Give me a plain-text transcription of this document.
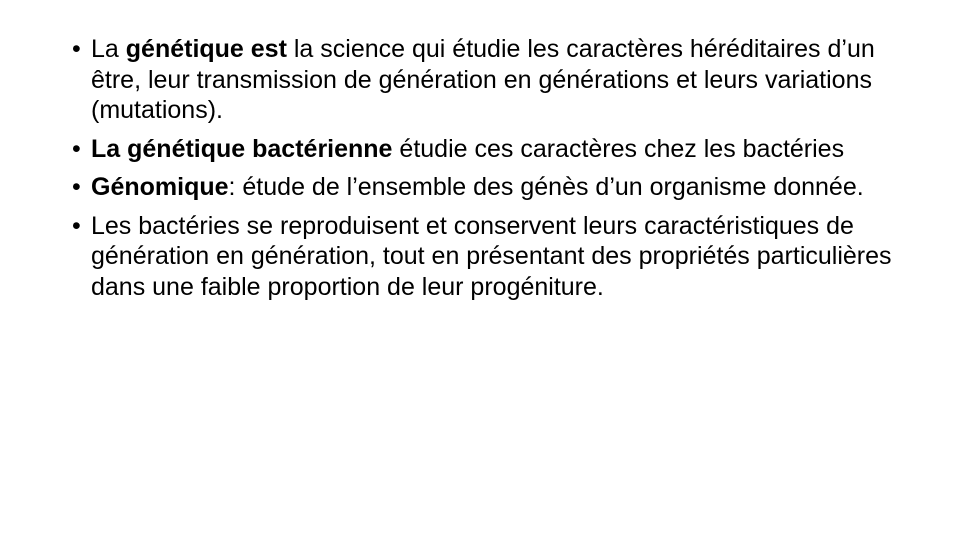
• La génétique est la science qui étudie les caractères héréditaires d’un être, leur transmission de génération en générations et leurs variations (mutations).
• La génétique bactérienne étudie ces caractères chez les bactéries
• Génomique: étude de l’ensemble des génès d’un organisme donnée.
• Les bactéries se reproduisent et conservent leurs caractéristiques de génération en génération, tout en présentant des propriétés particulières dans une faible proportion de leur progéniture.
